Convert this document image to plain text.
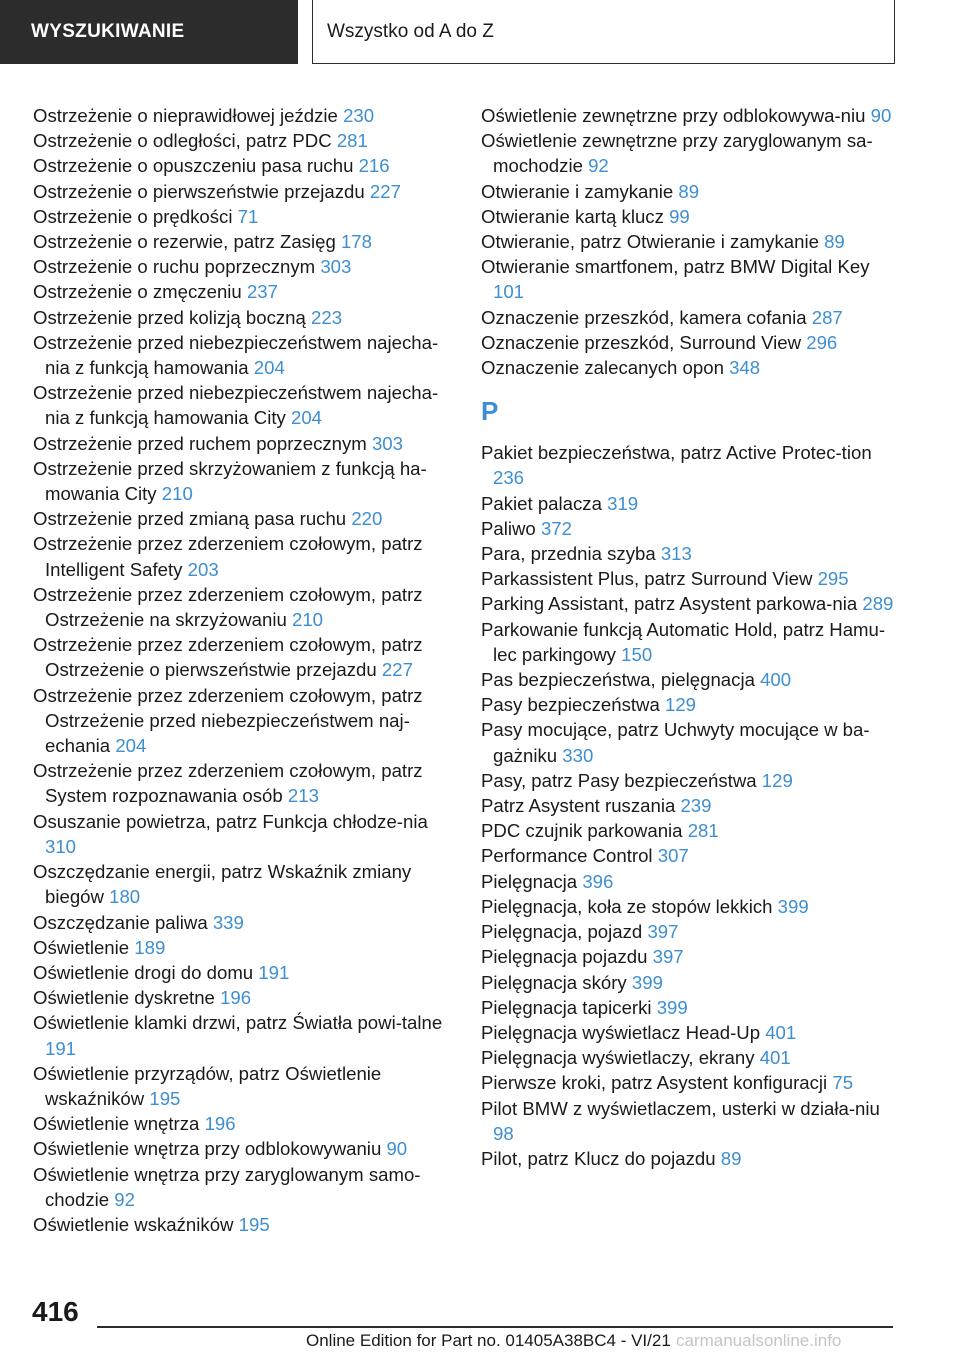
WYSZUKIWANIE	Wszystko od A do Z
Ostrzeżenie o nieprawidłowej jeździe 230
Ostrzeżenie o odległości, patrz PDC 281
Ostrzeżenie o opuszczeniu pasa ruchu 216
Ostrzeżenie o pierwszeństwie przejazdu 227
Ostrzeżenie o prędkości 71
Ostrzeżenie o rezerwie, patrz Zasięg 178
Ostrzeżenie o ruchu poprzecznym 303
Ostrzeżenie o zmęczeniu 237
Ostrzeżenie przed kolizją boczną 223
Ostrzeżenie przed niebezpieczeństwem najecha-nia z funkcją hamowania 204
Ostrzeżenie przed niebezpieczeństwem najecha-nia z funkcją hamowania City 204
Ostrzeżenie przed ruchem poprzecznym 303
Ostrzeżenie przed skrzyżowaniem z funkcją ha-mowania City 210
Ostrzeżenie przed zmianą pasa ruchu 220
Ostrzeżenie przez zderzeniem czołowym, patrz Intelligent Safety 203
Ostrzeżenie przez zderzeniem czołowym, patrz Ostrzeżenie na skrzyżowaniu 210
Ostrzeżenie przez zderzeniem czołowym, patrz Ostrzeżenie o pierwszeństwie przejazdu 227
Ostrzeżenie przez zderzeniem czołowym, patrz Ostrzeżenie przed niebezpieczeństwem naj-echania 204
Ostrzeżenie przez zderzeniem czołowym, patrz System rozpoznawania osób 213
Osuszanie powietrza, patrz Funkcja chłodze-nia 310
Oszczędzanie energii, patrz Wskaźnik zmiany biegów 180
Oszczędzanie paliwa 339
Oświetlenie 189
Oświetlenie drogi do domu 191
Oświetlenie dyskretne 196
Oświetlenie klamki drzwi, patrz Światła powi-talne 191
Oświetlenie przyrządów, patrz Oświetlenie wskaźników 195
Oświetlenie wnętrza 196
Oświetlenie wnętrza przy odblokowywaniu 90
Oświetlenie wnętrza przy zaryglowanym samo-chodzie 92
Oświetlenie wskaźników 195
Oświetlenie zewnętrzne przy odblokowywa-niu 90
Oświetlenie zewnętrzne przy zaryglowanym sa-mochodzie 92
Otwieranie i zamykanie 89
Otwieranie kartą klucz 99
Otwieranie, patrz Otwieranie i zamykanie 89
Otwieranie smartfonem, patrz BMW Digital Key 101
Oznaczenie przeszkód, kamera cofania 287
Oznaczenie przeszkód, Surround View 296
Oznaczenie zalecanych opon 348
P
Pakiet bezpieczeństwa, patrz Active Protec-tion 236
Pakiet palacza 319
Paliwo 372
Para, przednia szyba 313
Parkassistent Plus, patrz Surround View 295
Parking Assistant, patrz Asystent parkowa-nia 289
Parkowanie funkcją Automatic Hold, patrz Hamu-lec parkingowy 150
Pas bezpieczeństwa, pielęgnacja 400
Pasy bezpieczeństwa 129
Pasy mocujące, patrz Uchwyty mocujące w ba-gażniku 330
Pasy, patrz Pasy bezpieczeństwa 129
Patrz Asystent ruszania 239
PDC czujnik parkowania 281
Performance Control 307
Pielęgnacja 396
Pielęgnacja, koła ze stopów lekkich 399
Pielęgnacja, pojazd 397
Pielęgnacja pojazdu 397
Pielęgnacja skóry 399
Pielęgnacja tapicerki 399
Pielęgnacja wyświetlacz Head-Up 401
Pielęgnacja wyświetlaczy, ekrany 401
Pierwsze kroki, patrz Asystent konfiguracji 75
Pilot BMW z wyświetlaczem, usterki w działa-niu 98
Pilot, patrz Klucz do pojazdu 89
416
Online Edition for Part no. 01405A38BC4 - VI/21 carmanualsonline.info
